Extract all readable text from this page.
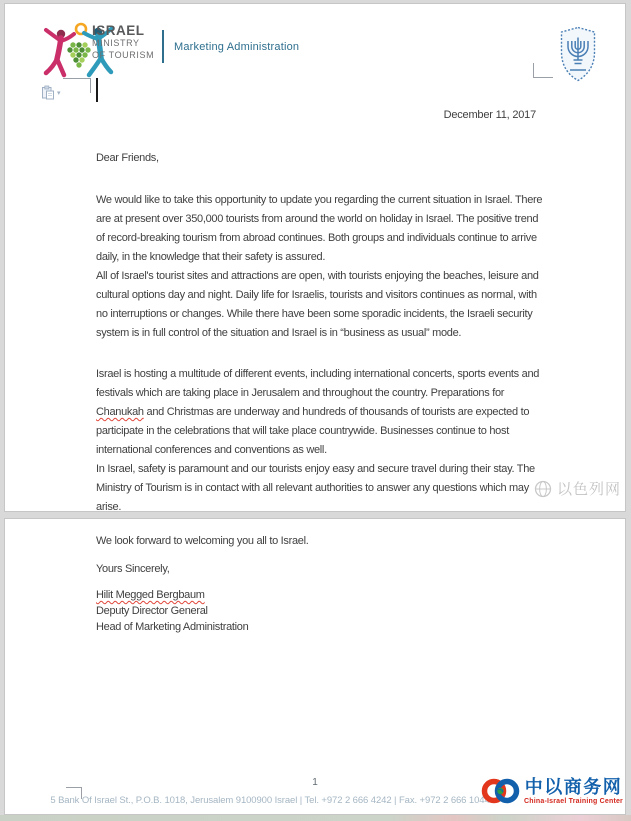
ISRAEL
MINISTRY
OF TOURISM
Marketing Administration
▾
December 11, 2017
Dear Friends,

We would like to take this opportunity to update you regarding the current situation in Israel. There are at present over 350,000 tourists from around the world on holiday in Israel. The positive trend of record-breaking tourism from abroad continues. Both groups and individuals continue to arrive daily, in the knowledge that their safety is assured.

All of Israel's tourist sites and attractions are open, with tourists enjoying the beaches, leisure and cultural options day and night. Daily life for Israelis, tourists and visitors continues as normal, with no interruptions or changes. While there have been some sporadic incidents, the Israeli security system is in full control of the situation and Israel is in “business as usual” mode.

Israel is hosting a multitude of different events, including international concerts, sports events and festivals which are taking place in Jerusalem and throughout the country. Preparations for Chanukah and Christmas are underway and hundreds of thousands of tourists are expected to participate in the celebrations that will take place countrywide. Businesses continue to host international conferences and conventions as well.

In Israel, safety is paramount and our tourists enjoy easy and secure travel during their stay. The Ministry of Tourism is in contact with all relevant authorities to answer any questions which may arise.

以色列网
We look forward to welcoming you all to Israel.
Yours Sincerely,
Hilit Megged Bergbaum
Deputy Director General
Head of Marketing Administration
1
5 Bank Of Israel St., P.O.B. 1018, Jerusalem 9100900 Israel | Tel. +972 2 666 4242 | Fax. +972 2 666 1044
中以商务网
China-Israel Training Center
